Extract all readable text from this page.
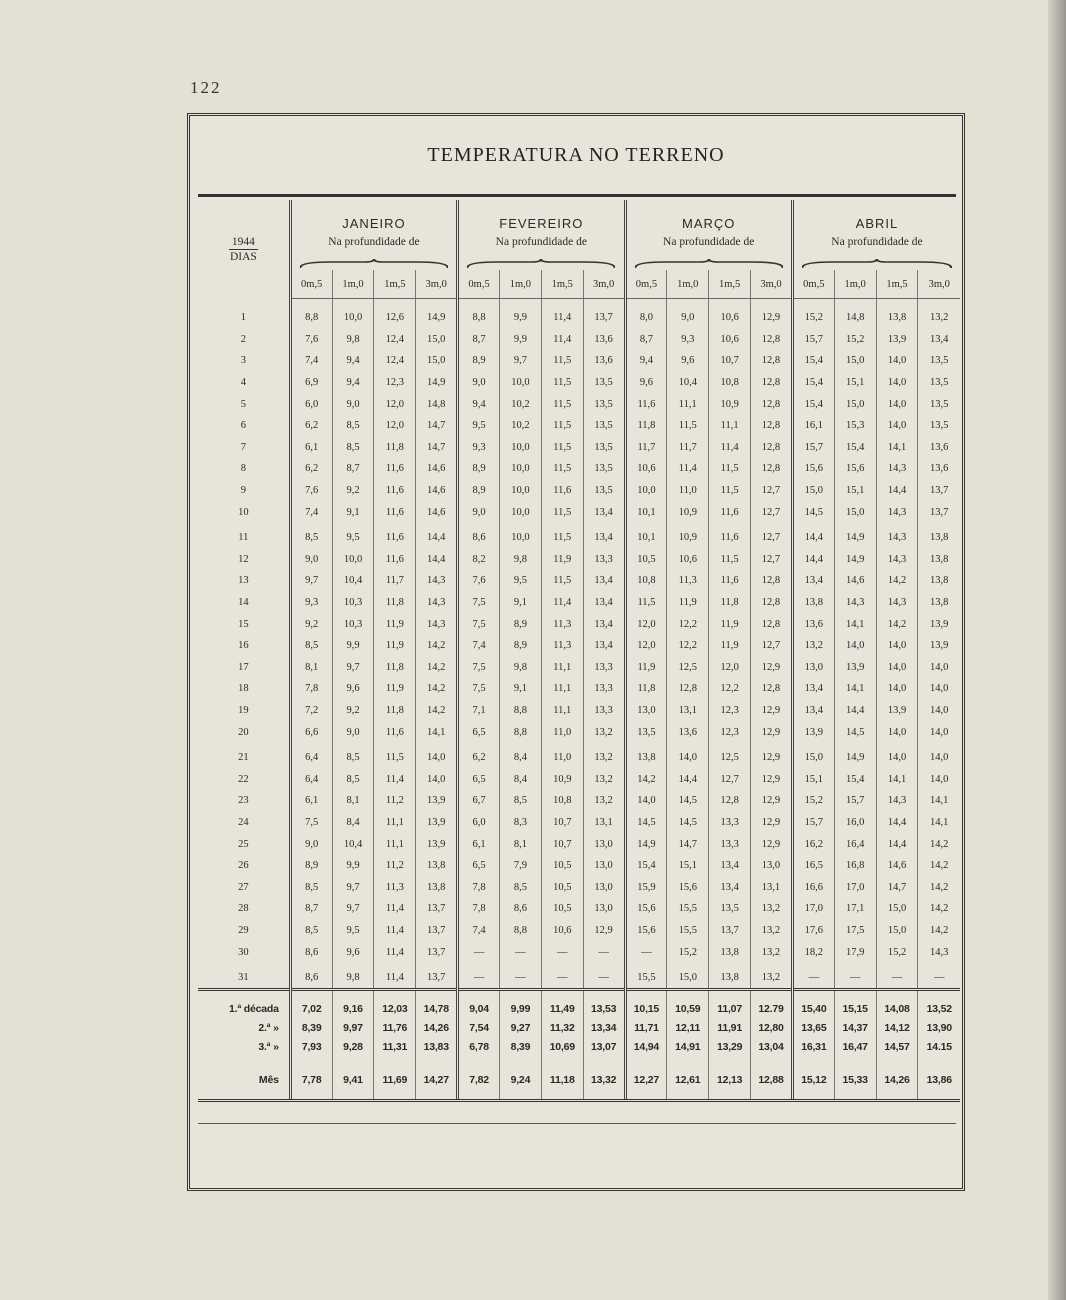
122
TEMPERATURA NO TERRENO
1944
DIAS	JANEIRO				FEVEREIRO				MARÇO				ABRIL			
	Na profundidade de				Na profundidade de				Na profundidade de				Na profundidade de			

	0m,5	1m,0	1m,5	3m,0	0m,5	1m,0	1m,5	3m,0	0m,5	1m,0	1m,5	3m,0	0m,5	1m,0	1m,5	3m,0
1	8,8	10,0	12,6	14,9	8,8	9,9	11,4	13,7	8,0	9,0	10,6	12,9	15,2	14,8	13,8	13,2
2	7,6	9,8	12,4	15,0	8,7	9,9	11,4	13,6	8,7	9,3	10,6	12,8	15,7	15,2	13,9	13,4
3	7,4	9,4	12,4	15,0	8,9	9,7	11,5	13,6	9,4	9,6	10,7	12,8	15,4	15,0	14,0	13,5
4	6,9	9,4	12,3	14,9	9,0	10,0	11,5	13,5	9,6	10,4	10,8	12,8	15,4	15,1	14,0	13,5
5	6,0	9,0	12,0	14,8	9,4	10,2	11,5	13,5	11,6	11,1	10,9	12,8	15,4	15,0	14,0	13,5
6	6,2	8,5	12,0	14,7	9,5	10,2	11,5	13,5	11,8	11,5	11,1	12,8	16,1	15,3	14,0	13,5
7	6,1	8,5	11,8	14,7	9,3	10,0	11,5	13,5	11,7	11,7	11,4	12,8	15,7	15,4	14,1	13,6
8	6,2	8,7	11,6	14,6	8,9	10,0	11,5	13,5	10,6	11,4	11,5	12,8	15,6	15,6	14,3	13,6
9	7,6	9,2	11,6	14,6	8,9	10,0	11,6	13,5	10,0	11,0	11,5	12,7	15,0	15,1	14,4	13,7
10	7,4	9,1	11,6	14,6	9,0	10,0	11,5	13,4	10,1	10,9	11,6	12,7	14,5	15,0	14,3	13,7
11	8,5	9,5	11,6	14,4	8,6	10,0	11,5	13,4	10,1	10,9	11,6	12,7	14,4	14,9	14,3	13,8
12	9,0	10,0	11,6	14,4	8,2	9,8	11,9	13,3	10,5	10,6	11,5	12,7	14,4	14,9	14,3	13,8
13	9,7	10,4	11,7	14,3	7,6	9,5	11,5	13,4	10,8	11,3	11,6	12,8	13,4	14,6	14,2	13,8
14	9,3	10,3	11,8	14,3	7,5	9,1	11,4	13,4	11,5	11,9	11,8	12,8	13,8	14,3	14,3	13,8
15	9,2	10,3	11,9	14,3	7,5	8,9	11,3	13,4	12,0	12,2	11,9	12,8	13,6	14,1	14,2	13,9
16	8,5	9,9	11,9	14,2	7,4	8,9	11,3	13,4	12,0	12,2	11,9	12,7	13,2	14,0	14,0	13,9
17	8,1	9,7	11,8	14,2	7,5	9,8	11,1	13,3	11,9	12,5	12,0	12,9	13,0	13,9	14,0	14,0
18	7,8	9,6	11,9	14,2	7,5	9,1	11,1	13,3	11,8	12,8	12,2	12,8	13,4	14,1	14,0	14,0
19	7,2	9,2	11,8	14,2	7,1	8,8	11,1	13,3	13,0	13,1	12,3	12,9	13,4	14,4	13,9	14,0
20	6,6	9,0	11,6	14,1	6,5	8,8	11,0	13,2	13,5	13,6	12,3	12,9	13,9	14,5	14,0	14,0
21	6,4	8,5	11,5	14,0	6,2	8,4	11,0	13,2	13,8	14,0	12,5	12,9	15,0	14,9	14,0	14,0
22	6,4	8,5	11,4	14,0	6,5	8,4	10,9	13,2	14,2	14,4	12,7	12,9	15,1	15,4	14,1	14,0
23	6,1	8,1	11,2	13,9	6,7	8,5	10,8	13,2	14,0	14,5	12,8	12,9	15,2	15,7	14,3	14,1
24	7,5	8,4	11,1	13,9	6,0	8,3	10,7	13,1	14,5	14,5	13,3	12,9	15,7	16,0	14,4	14,1
25	9,0	10,4	11,1	13,9	6,1	8,1	10,7	13,0	14,9	14,7	13,3	12,9	16,2	16,4	14,4	14,2
26	8,9	9,9	11,2	13,8	6,5	7,9	10,5	13,0	15,4	15,1	13,4	13,0	16,5	16,8	14,6	14,2
27	8,5	9,7	11,3	13,8	7,8	8,5	10,5	13,0	15,9	15,6	13,4	13,1	16,6	17,0	14,7	14,2
28	8,7	9,7	11,4	13,7	7,8	8,6	10,5	13,0	15,6	15,5	13,5	13,2	17,0	17,1	15,0	14,2
29	8,5	9,5	11,4	13,7	7,4	8,8	10,6	12,9	15,6	15,5	13,7	13,2	17,6	17,5	15,0	14,2
30	8,6	9,6	11,4	13,7	—	—	—	—	—	15,2	13,8	13,2	18,2	17,9	15,2	14,3
31	8,6	9,8	11,4	13,7	—	—	—	—	15,5	15,0	13,8	13,2	—	—	—	—
1.ª década	7,02	9,16	12,03	14,78	9,04	9,99	11,49	13,53	10,15	10,59	11,07	12.79	15,40	15,15	14,08	13,52
2.ª »	8,39	9,97	11,76	14,26	7,54	9,27	11,32	13,34	11,71	12,11	11,91	12,80	13,65	14,37	14,12	13,90
3.ª »	7,93	9,28	11,31	13,83	6,78	8,39	10,69	13,07	14,94	14,91	13,29	13,04	16,31	16,47	14,57	14.15
Mês	7,78	9,41	11,69	14,27	7,82	9,24	11,18	13,32	12,27	12,61	12,13	12,88	15,12	15,33	14,26	13,86
